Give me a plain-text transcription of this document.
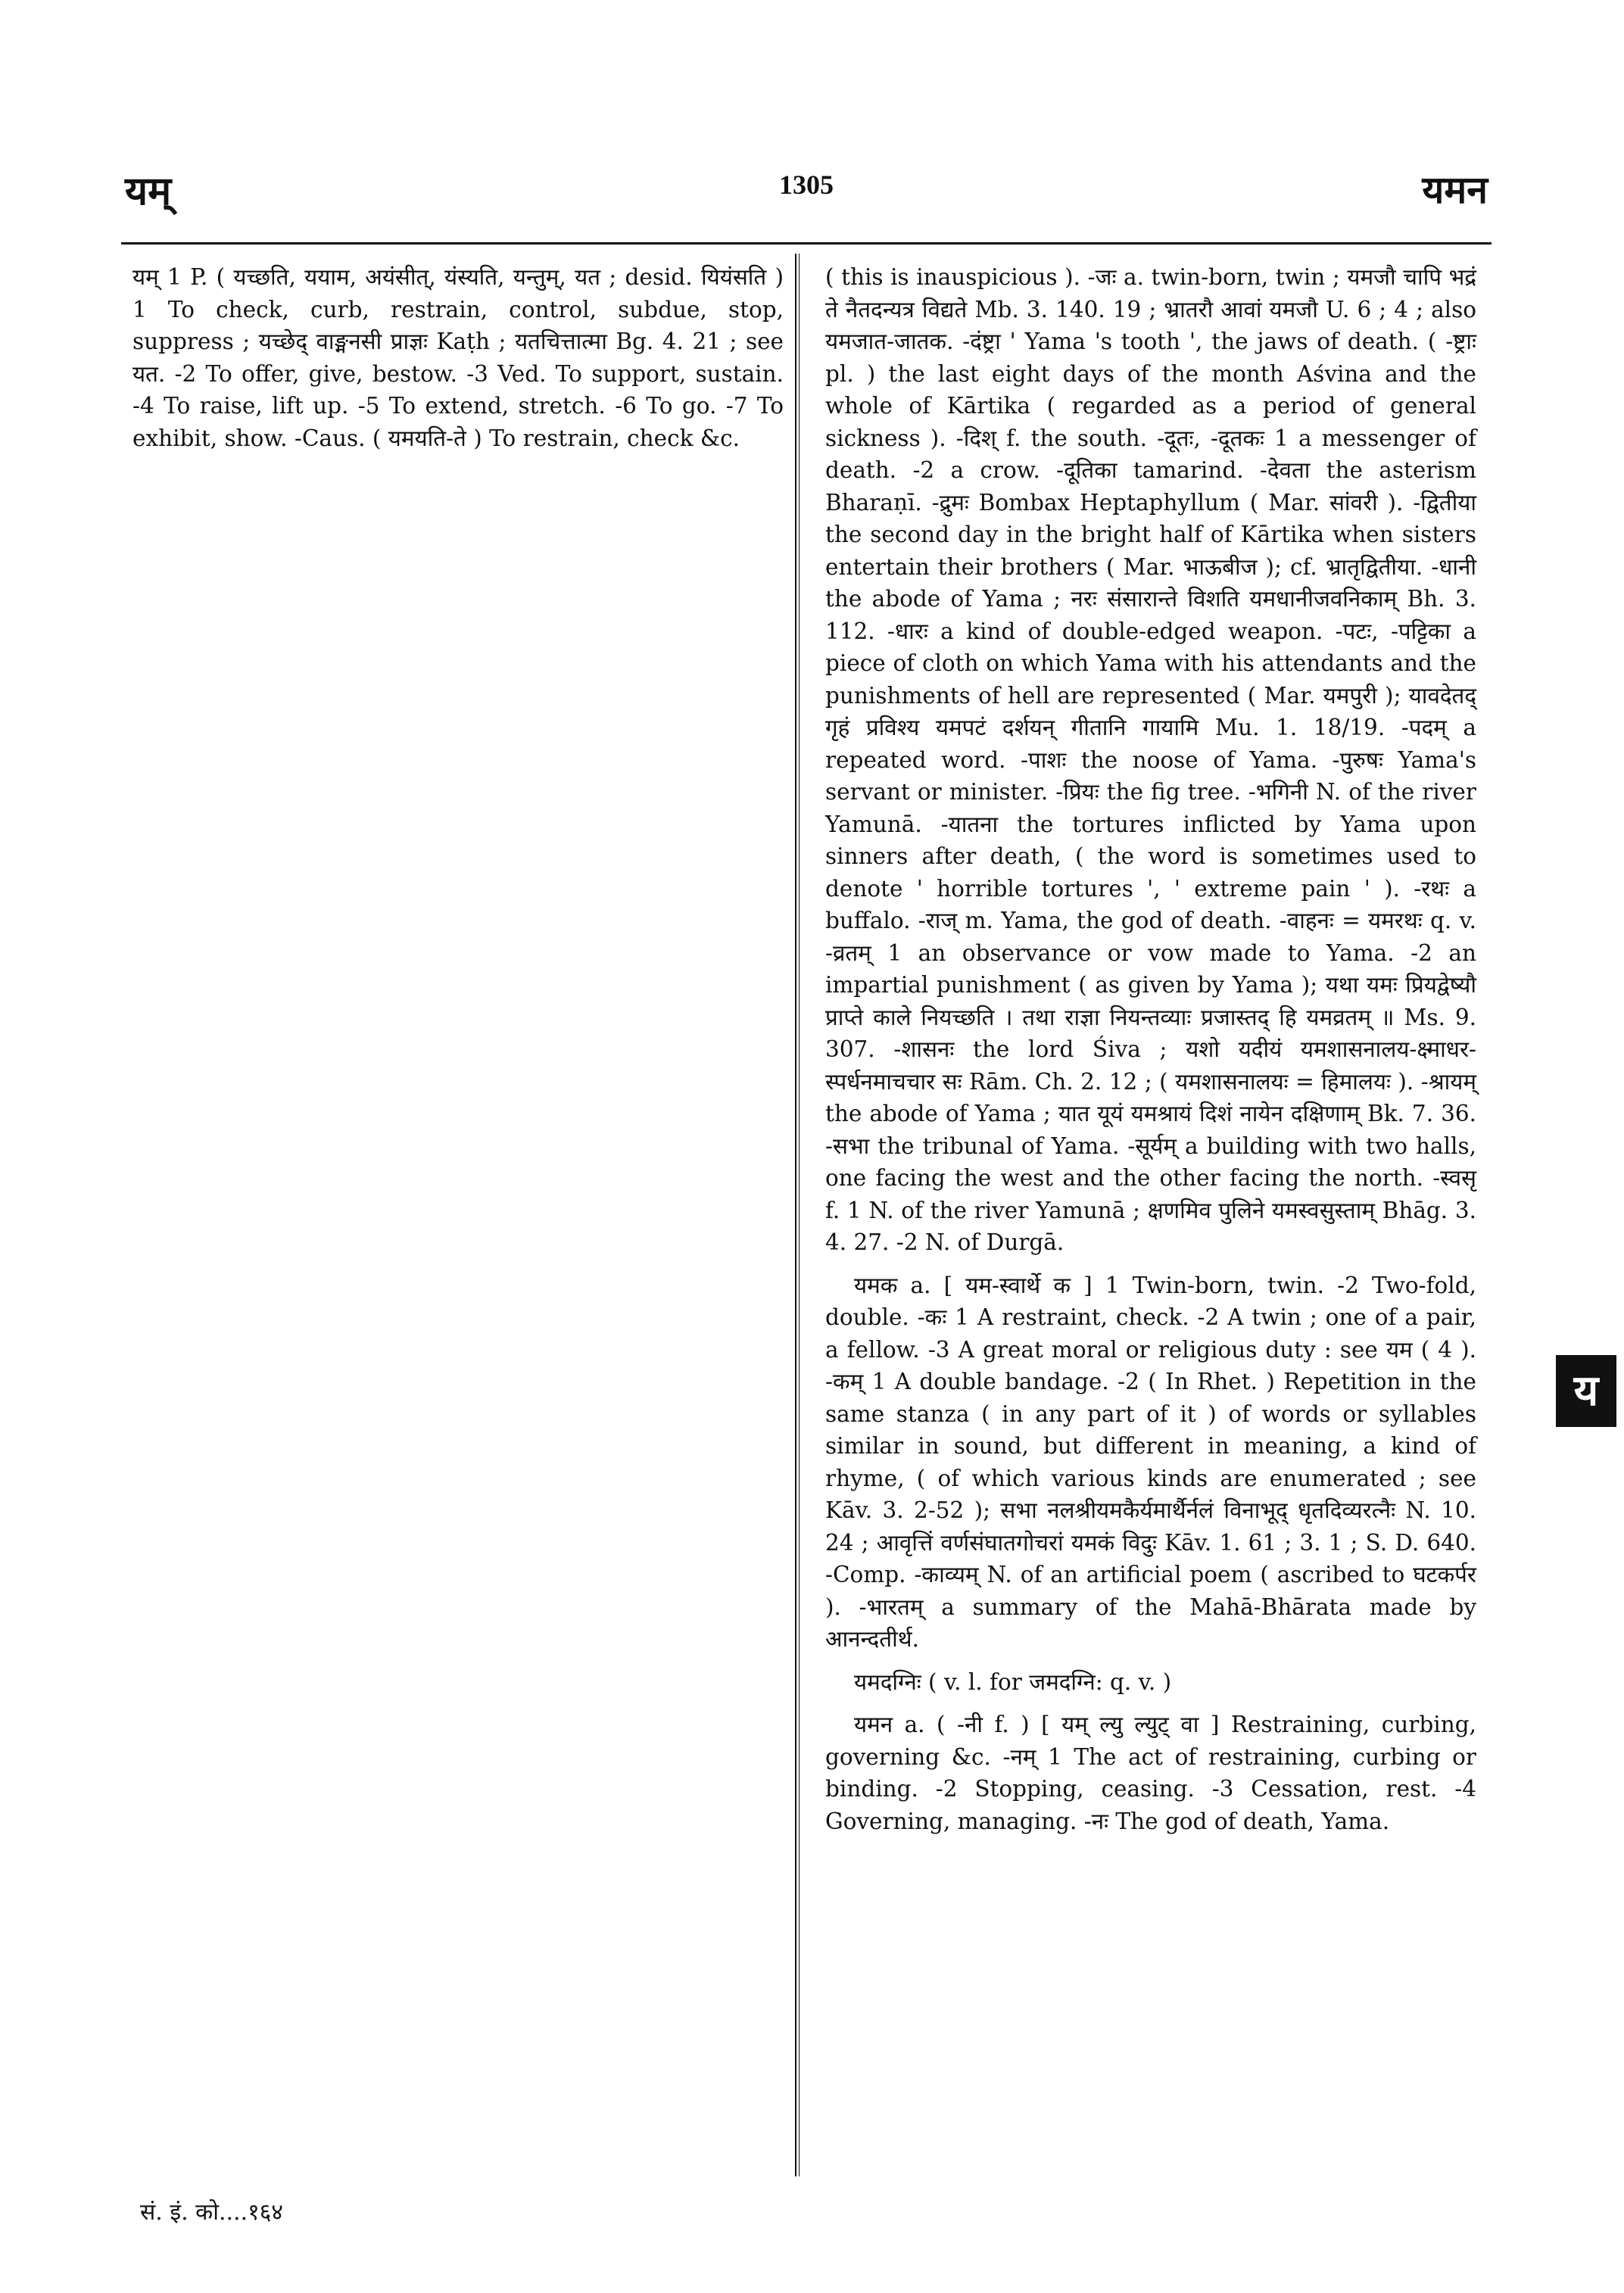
यम्	1305	यमन

यम् 1 P. ( यच्छति, ययाम, अयंसीत्, यंस्यति, यन्तुम्, यत ; desid. यियंसति ) 1 To check, curb, restrain, control, subdue, stop, suppress ; यच्छेद् वाङ्मनसी प्राज्ञः Kaṭh ; यतचित्तात्मा Bg. 4. 21 ; see यत. -2 To offer, give, bestow. -3 Ved. To support, sustain. -4 To raise, lift up. -5 To extend, stretch. -6 To go. -7 To exhibit, show. -Caus. ( यमयति-ते ) To restrain, check &c.

( this is inauspicious ). -जः a. twin-born, twin ; यमजौ चापि भद्रं ते नैतदन्यत्र विद्यते Mb. 3. 140. 19 ; भ्रातरौ आवां यमजौ U. 6 ; 4 ; also यमजात-जातक. -दंष्ट्रा ' Yama 's tooth ', the jaws of death. ( -ष्ट्राः pl. ) the last eight days of the month Aśvina and the whole of Kārtika ( regarded as a period of general sickness ). -दिश् f. the south. -दूतः, -दूतकः 1 a messenger of death. -2 a crow. -दूतिका tamarind. -देवता the asterism Bharaṇī. -द्रुमः Bombax Heptaphyllum ( Mar. सांवरी ). -द्वितीया the second day in the bright half of Kārtika when sisters entertain their brothers ( Mar. भाऊबीज ); cf. भ्रातृद्वितीया. -धानी the abode of Yama ; नरः संसारान्ते विशति यमधानीजवनिकाम् Bh. 3. 112. -धारः a kind of double-edged weapon. -पटः, -पट्टिका a piece of cloth on which Yama with his attendants and the punishments of hell are represented ( Mar. यमपुरी ); यावदेतद् गृहं प्रविश्य यमपटं दर्शयन् गीतानि गायामि Mu. 1. 18/19. -पदम् a repeated word. -पाशः the noose of Yama. -पुरुषः Yama's servant or minister. -प्रियः the fig tree. -भगिनी N. of the river Yamunā. -यातना the tortures inflicted by Yama upon sinners after death, ( the word is sometimes used to denote ' horrible tortures ', ' extreme pain ' ). -रथः a buffalo. -राज् m. Yama, the god of death. -वाहनः = यमरथः q. v. -व्रतम् 1 an observance or vow made to Yama. -2 an impartial punishment ( as given by Yama ); यथा यमः प्रियद्वेष्यौ प्राप्ते काले नियच्छति । तथा राज्ञा नियन्तव्याः प्रजास्तद् हि यमव्रतम् ॥ Ms. 9. 307. -शासनः the lord Śiva ; यशो यदीयं यमशासनालय-क्ष्माधर-स्पर्धनमाचचार सः Rām. Ch. 2. 12 ; ( यमशासनालयः = हिमालयः ). -श्रायम् the abode of Yama ; यात यूयं यमश्रायं दिशं नायेन दक्षिणाम् Bk. 7. 36. -सभा the tribunal of Yama. -सूर्यम् a building with two halls, one facing the west and the other facing the north. -स्वसृ f. 1 N. of the river Yamunā ; क्षणमिव पुलिने यमस्वसुस्ताम् Bhāg. 3. 4. 27. -2 N. of Durgā.

यमक a. [ यम-स्वार्थे क ] 1 Twin-born, twin. -2 Two-fold, double. -कः 1 A restraint, check. -2 A twin ; one of a pair, a fellow. -3 A great moral or religious duty : see यम ( 4 ). -कम् 1 A double bandage. -2 ( In Rhet. ) Repetition in the same stanza ( in any part of it ) of words or syllables similar in sound, but different in meaning, a kind of rhyme, ( of which various kinds are enumerated ; see Kāv. 3. 2-52 ); सभा नलश्रीयमकैर्यमार्थैर्नलं विनाभूद् धृतदिव्यरत्नैः N. 10. 24 ; आवृत्तिं वर्णसंघातगोचरां यमकं विदुः Kāv. 1. 61 ; 3. 1 ; S. D. 640. -Comp. -काव्यम् N. of an artificial poem ( ascribed to घटकर्पर ). -भारतम् a summary of the Mahā-Bhārata made by आनन्दतीर्थ.

यमदग्निः ( v. l. for जमदग्नि: q. v. )

यमन a. ( -नी f. ) [ यम् ल्यु ल्युट् वा ] Restraining, curbing, governing &c. -नम् 1 The act of restraining, curbing or binding. -2 Stopping, ceasing. -3 Cessation, rest. -4 Governing, managing. -नः The god of death, Yama.

सं. इं. को....१६४
य
